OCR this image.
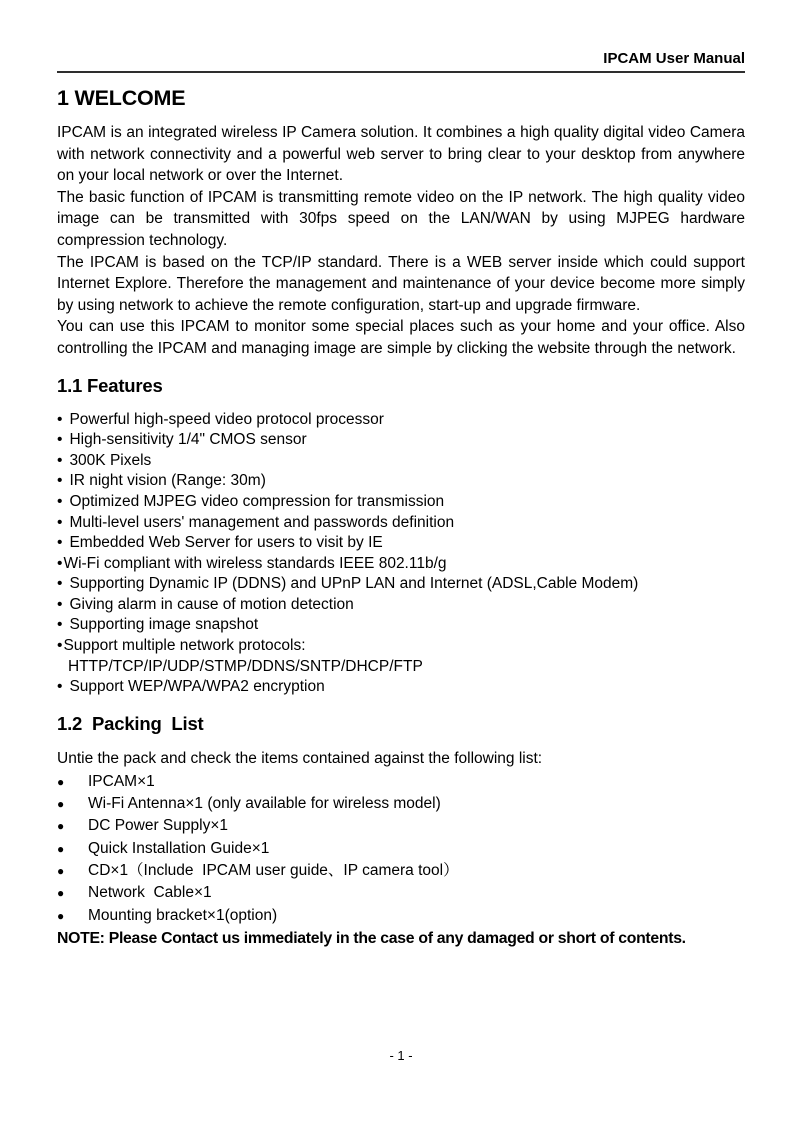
IPCAM User Manual
1 WELCOME

IPCAM is an integrated wireless IP Camera solution. It combines a high quality digital video Camera with network connectivity and a powerful web server to bring clear to your desktop from anywhere on your local network or over the Internet.

The basic function of IPCAM is transmitting remote video on the IP network. The high quality video image can be transmitted with 30fps speed on the LAN/WAN by using MJPEG hardware compression technology.

The IPCAM is based on the TCP/IP standard. There is a WEB server inside which could support Internet Explore. Therefore the management and maintenance of your device become more simply by using network to achieve the remote configuration, start-up and upgrade firmware.

You can use this IPCAM to monitor some special places such as your home and your office. Also controlling the IPCAM and managing image are simple by clicking the website through the network.

1.1 Features
• Powerful high-speed video protocol processor
• High-sensitivity 1/4" CMOS sensor
• 300K Pixels
• IR night vision (Range: 30m)
• Optimized MJPEG video compression for transmission
• Multi-level users' management and passwords definition
• Embedded Web Server for users to visit by IE
•Wi-Fi compliant with wireless standards IEEE 802.11b/g
• Supporting Dynamic IP (DDNS) and UPnP LAN and Internet (ADSL,Cable Modem)
• Giving alarm in cause of motion detection
• Supporting image snapshot
•Support multiple network protocols:
HTTP/TCP/IP/UDP/STMP/DDNS/SNTP/DHCP/FTP
• Support WEP/WPA/WPA2 encryption
1.2  Packing  List

Untie the pack and check the items contained against the following list:

●	IPCAM×1
●	Wi-Fi Antenna×1 (only available for wireless model)
●	DC Power Supply×1
●	Quick Installation Guide×1
●	CD×1（Include  IPCAM user guide、IP camera tool）
●	Network  Cable×1
●	Mounting bracket×1(option)
NOTE: Please Contact us immediately in the case of any damaged or short of contents.
- 1 -
